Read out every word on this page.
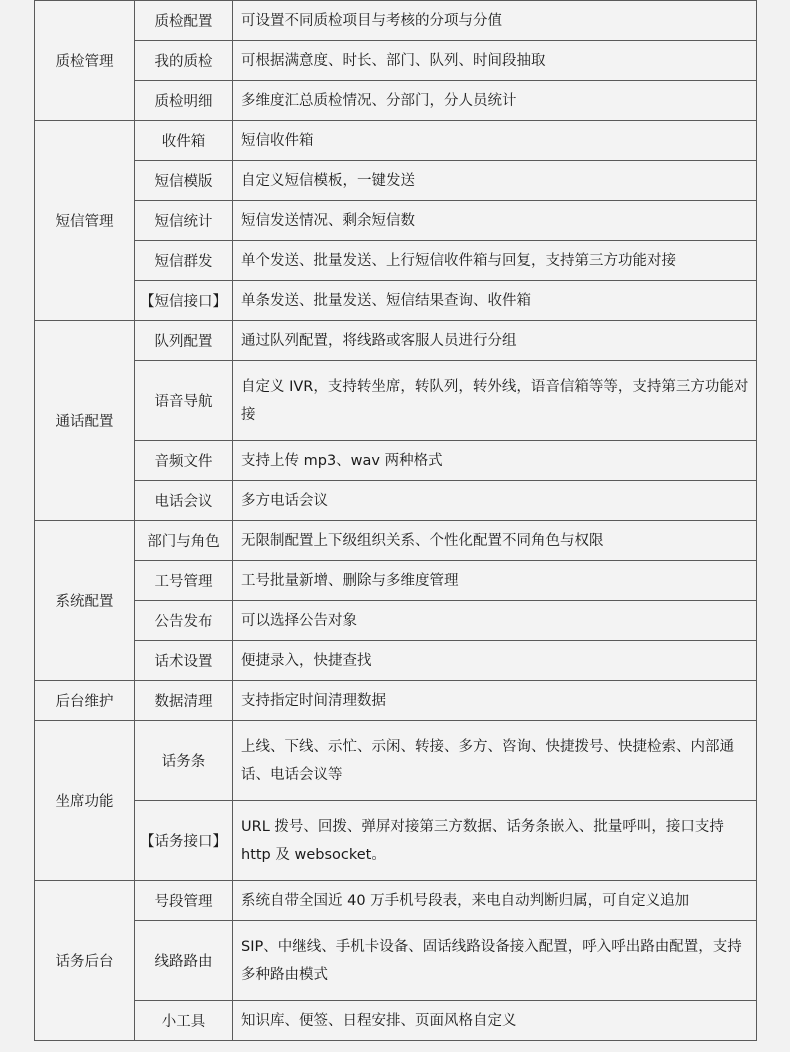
质检管理	质检配置	可设置不同质检项目与考核的分项与分值
	我的质检	可根据满意度、时长、部门、队列、时间段抽取
	质检明细	多维度汇总质检情况、分部门，分人员统计
短信管理	收件箱	短信收件箱
	短信模版	自定义短信模板，一键发送
	短信统计	短信发送情况、剩余短信数
	短信群发	单个发送、批量发送、上行短信收件箱与回复，支持第三方功能对接
	【短信接口】	单条发送、批量发送、短信结果查询、收件箱
通话配置	队列配置	通过队列配置，将线路或客服人员进行分组
	语音导航	自定义 IVR，支持转坐席，转队列，转外线，语音信箱等等，支持第三方功能对接
	音频文件	支持上传 mp3、wav 两种格式
	电话会议	多方电话会议
系统配置	部门与角色	无限制配置上下级组织关系、个性化配置不同角色与权限
	工号管理	工号批量新增、删除与多维度管理
	公告发布	可以选择公告对象
	话术设置	便捷录入，快捷查找
后台维护	数据清理	支持指定时间清理数据
坐席功能	话务条	上线、下线、示忙、示闲、转接、多方、咨询、快捷拨号、快捷检索、内部通话、电话会议等
	【话务接口】	URL 拨号、回拨、弹屏对接第三方数据、话务条嵌入、批量呼叫，接口支持 http 及 websocket。
话务后台	号段管理	系统自带全国近 40 万手机号段表，来电自动判断归属，可自定义追加
	线路路由	SIP、中继线、手机卡设备、固话线路设备接入配置，呼入呼出路由配置，支持多种路由模式
	小工具	知识库、便签、日程安排、页面风格自定义
